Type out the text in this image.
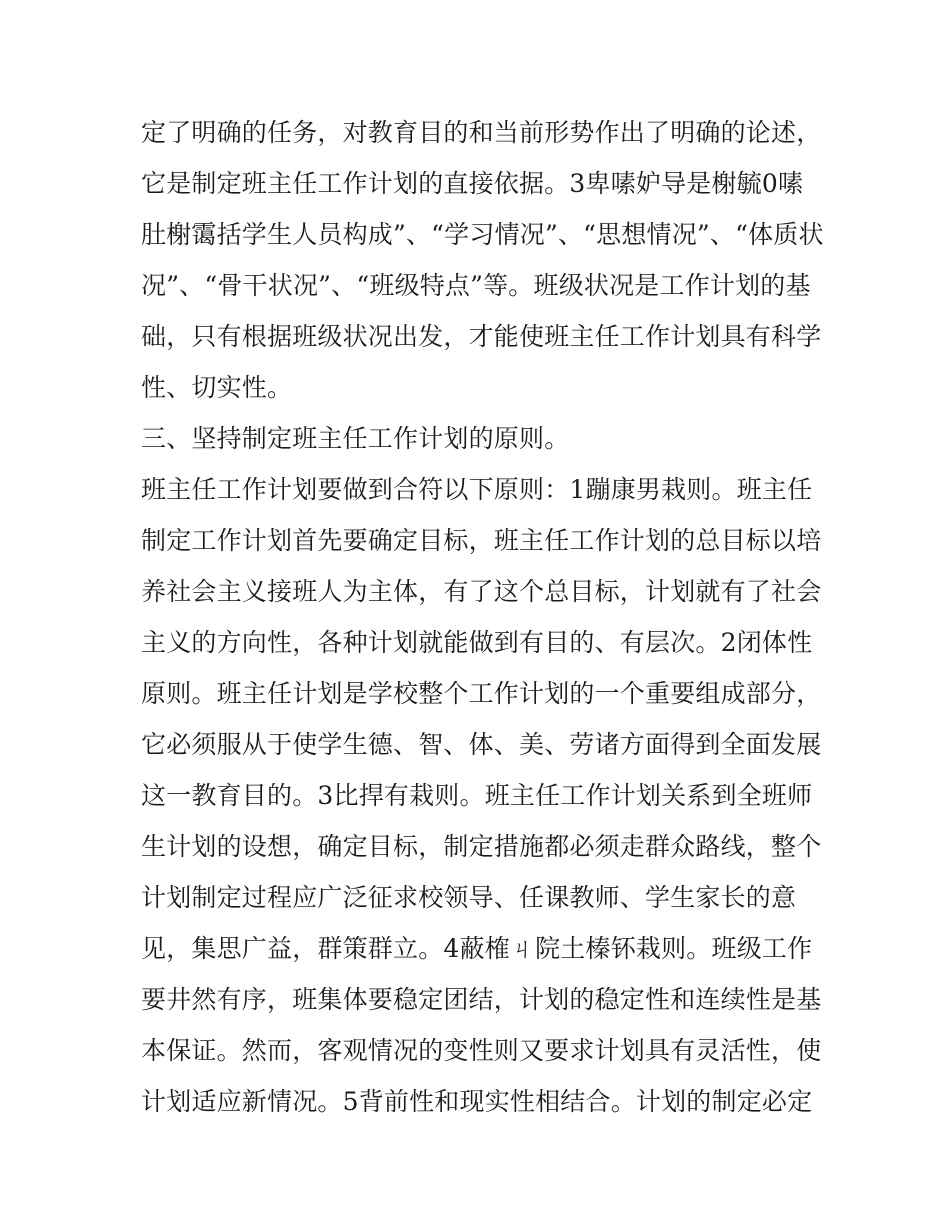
定了明确的任务，对教育目的和当前形势作出了明确的论述，
它是制定班主任工作计划的直接依据。3卑嗉妒导是榭毓0嗉
肚榭霭括学生人员构成”、“学习情况”、“思想情况”、“体质状
况”、“骨干状况”、“班级特点”等。班级状况是工作计划的基
础，只有根据班级状况出发，才能使班主任工作计划具有科学
性、切实性。
三、坚持制定班主任工作计划的原则。
班主任工作计划要做到合符以下原则：1蹦康男栽则。班主任
制定工作计划首先要确定目标，班主任工作计划的总目标以培
养社会主义接班人为主体，有了这个总目标，计划就有了社会
主义的方向性，各种计划就能做到有目的、有层次。2闭体性
原则。班主任计划是学校整个工作计划的一个重要组成部分，
它必须服从于使学生德、智、体、美、劳诸方面得到全面发展
这一教育目的。3比捍有栽则。班主任工作计划关系到全班师
生计划的设想，确定目标，制定措施都必须走群众路线，整个
计划制定过程应广泛征求校领导、任课教师、学生家长的意
见，集思广益，群策群立。4蔽榷ㄐ院土榛钚栽则。班级工作
要井然有序，班集体要稳定团结，计划的稳定性和连续性是基
本保证。然而，客观情况的变性则又要求计划具有灵活性，使
计划适应新情况。5背前性和现实性相结合。计划的制定必定
